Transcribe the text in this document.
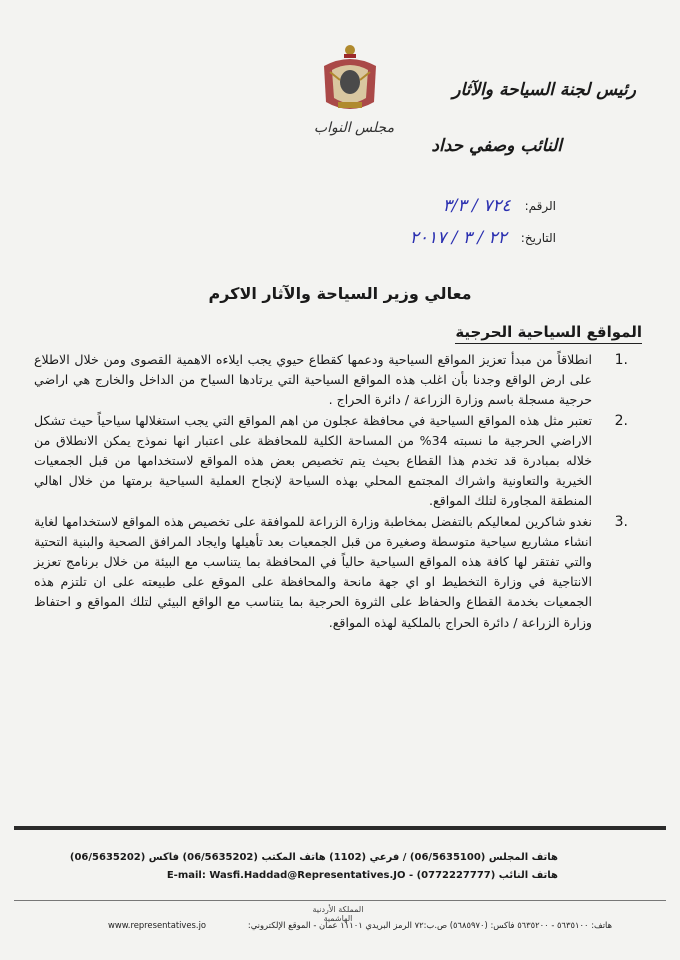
مجلس النواب
رئيس لجنة السياحة والآثار
النائب وصفي حداد
الرقم:
٧٢٤ / ٣/٣
التاريخ:
٢٢ / ٣ / ٢٠١٧
معالي وزير السياحة والآثار الاكرم
المواقع السياحية الحرجية
1.
انطلاقاً من مبدأ تعزيز المواقع السياحية ودعمها كقطاع حيوي يجب ايلاءه الاهمية القصوى ومن خلال الاطلاع على ارض الواقع وجدنا بأن اغلب هذه المواقع السياحية التي يرتادها السياح من الداخل والخارج هي اراضي حرجية مسجلة باسم وزارة الزراعة / دائرة الحراج .
2.
تعتبر مثل هذه المواقع السياحية في محافظة عجلون من اهم المواقع التي يجب استغلالها سياحياً حيث تشكل الاراضي الحرجية ما نسبته 34% من المساحة الكلية للمحافظة على اعتبار انها نموذج يمكن الانطلاق من خلاله بمبادرة قد تخدم هذا القطاع بحيث يتم تخصيص بعض هذه المواقع لاستخدامها من قبل الجمعيات الخيرية والتعاونية واشراك المجتمع المحلي بهذه السياحة لإنجاح العملية السياحية برمتها من خلال اهالي المنطقة المجاورة لتلك المواقع.
3.
نغدو شاكرين لمعاليكم بالتفضل بمخاطبة وزارة الزراعة للموافقة على تخصيص هذه المواقع لاستخدامها لغاية انشاء مشاريع سياحية متوسطة وصغيرة من قبل الجمعيات بعد تأهيلها وايجاد المرافق الصحية والبنية التحتية والتي تفتقر لها كافة هذه المواقع السياحية حالياً في المحافظة بما يتناسب مع البيئة من خلال برنامج تعزيز الانتاجية في وزارة التخطيط او اي جهة مانحة والمحافظة على الموقع على طبيعته على ان تلتزم هذه الجمعيات بخدمة القطاع والحفاظ على الثروة الحرجية بما يتناسب مع الواقع البيئي لتلك المواقع و احتفاظ وزارة الزراعة / دائرة الحراج بالملكية لهذه المواقع.
هاتف المجلس (06/5635100) / فرعي (1102) هاتف المكتب (06/5635202) فاكس (06/5635202)
E-mail: Wasfi.Haddad@Representatives.JO - (0772227777) هاتف النائب
المملكة الأردنية الهاشمية
www.representatives.jo	هاتف: ٥٦٣٥١٠٠ - ٥٦٣٥٢٠٠ فاكس: (٥٦٨٥٩٧٠) ص.ب:٧٢ الرمز البريدي ١١١٠١ عمان - الموقع الإلكتروني:
